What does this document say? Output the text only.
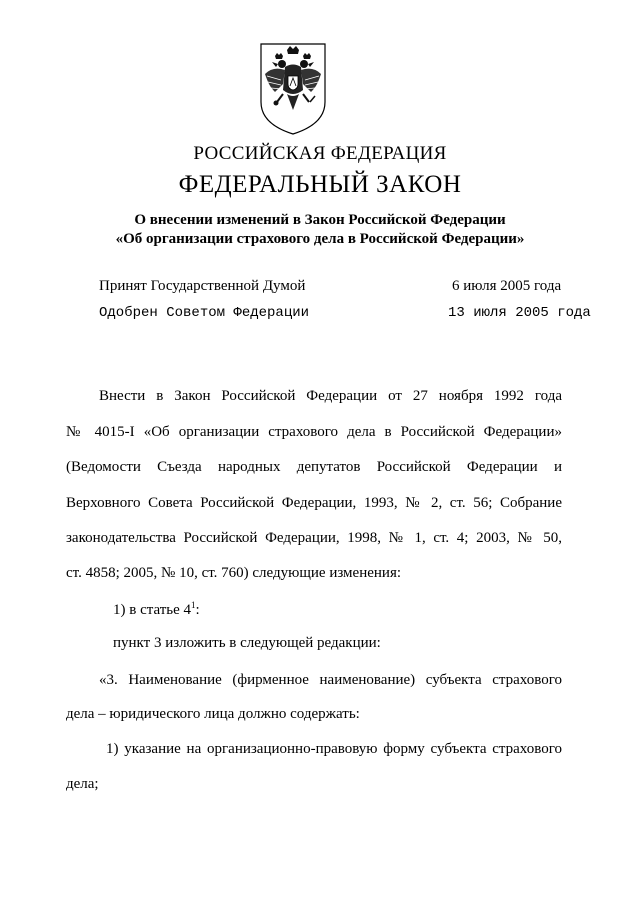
РОССИЙСКАЯ ФЕДЕРАЦИЯ
ФЕДЕРАЛЬНЫЙ ЗАКОН
О внесении изменений в Закон Российской Федерации
«Об организации страхового дела в Российской Федерации»
Принят Государственной Думой	6 июля 2005 года
Одобрен Советом Федерации	13 июля 2005 года
Внести в Закон Российской Федерации от 27 ноября 1992 года
№ 4015-I «Об организации страхового дела в Российской Федерации»
(Ведомости Съезда народных депутатов Российской Федерации и
Верховного Совета Российской Федерации, 1993, № 2, ст. 56; Собрание
законодательства Российской Федерации, 1998, № 1, ст. 4; 2003, № 50,
ст. 4858; 2005, № 10, ст. 760) следующие изменения:
1) в статье $4^1$:
пункт 3 изложить в следующей редакции:
«3. Наименование (фирменное наименование) субъекта страхового
дела – юридического лица должно содержать:
1) указание на организационно-правовую форму субъекта страхового
дела;
